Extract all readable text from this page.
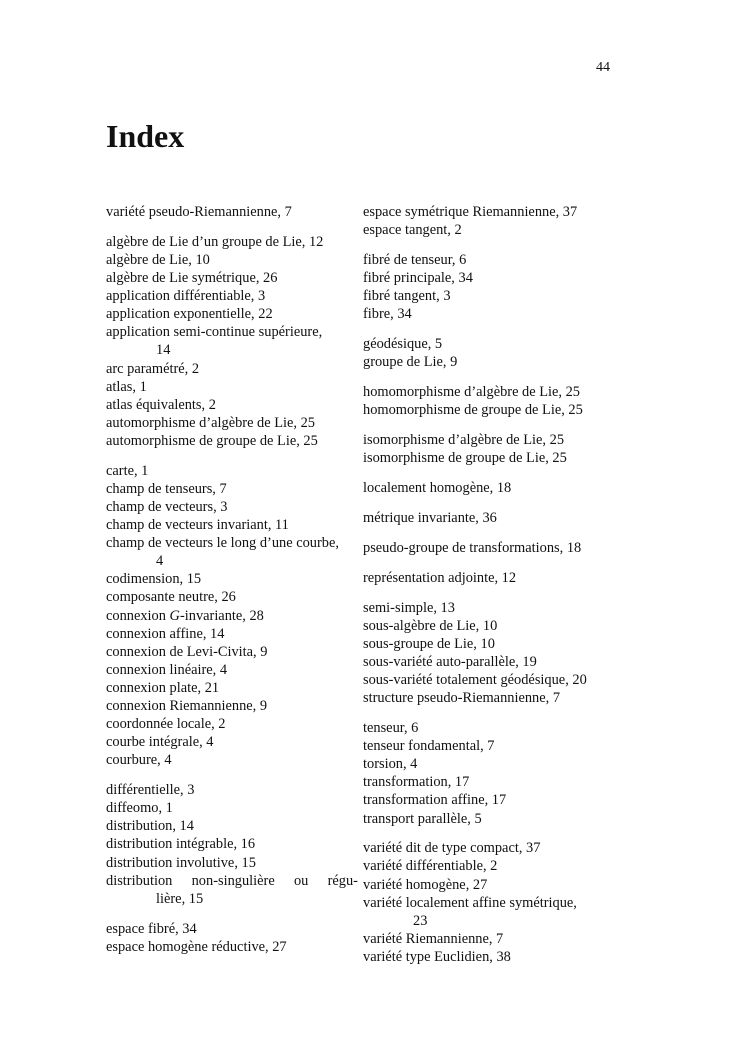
44
Index
variété pseudo-Riemannienne, 7
algèbre de Lie d’un groupe de Lie, 12
algèbre de Lie, 10
algèbre de Lie symétrique, 26
application différentiable, 3
application exponentielle, 22
application semi-continue supérieure,
14
arc paramétré, 2
atlas, 1
atlas équivalents, 2
automorphisme d’algèbre de Lie, 25
automorphisme de groupe de Lie, 25
carte, 1
champ de tenseurs, 7
champ de vecteurs, 3
champ de vecteurs invariant, 11
champ de vecteurs le long d’une courbe,
4
codimension, 15
composante neutre, 26
connexion G-invariante, 28
connexion affine, 14
connexion de Levi-Civita, 9
connexion linéaire, 4
connexion plate, 21
connexion Riemannienne, 9
coordonnée locale, 2
courbe intégrale, 4
courbure, 4
différentielle, 3
diffeomo, 1
distribution, 14
distribution intégrable, 16
distribution involutive, 15
distribution non-singulière ou régu-
lière, 15
espace fibré, 34
espace homogène réductive, 27
espace symétrique Riemannienne, 37
espace tangent, 2
fibré de tenseur, 6
fibré principale, 34
fibré tangent, 3
fibre, 34
géodésique, 5
groupe de Lie, 9
homomorphisme d’algèbre de Lie, 25
homomorphisme de groupe de Lie, 25
isomorphisme d’algèbre de Lie, 25
isomorphisme de groupe de Lie, 25
localement homogène, 18
métrique invariante, 36
pseudo-groupe de transformations, 18
représentation adjointe, 12
semi-simple, 13
sous-algèbre de Lie, 10
sous-groupe de Lie, 10
sous-variété auto-parallèle, 19
sous-variété totalement géodésique, 20
structure pseudo-Riemannienne, 7
tenseur, 6
tenseur fondamental, 7
torsion, 4
transformation, 17
transformation affine, 17
transport parallèle, 5
variété dit de type compact, 37
variété différentiable, 2
variété homogène, 27
variété localement affine symétrique,
23
variété Riemannienne, 7
variété type Euclidien, 38
